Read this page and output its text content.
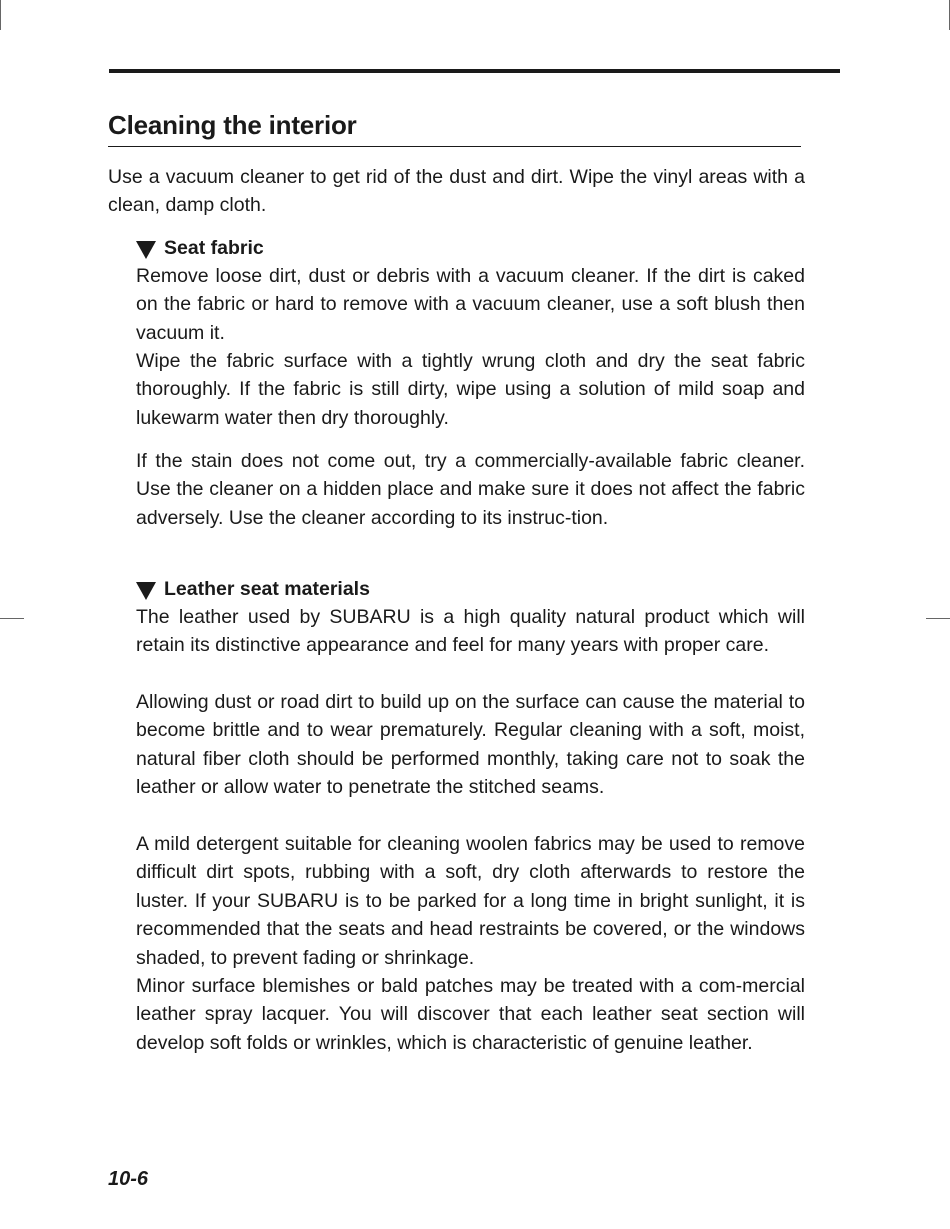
Cleaning the interior

Use a vacuum cleaner to get rid of the dust and dirt. Wipe the vinyl areas with a clean, damp cloth.

Seat fabric

Remove loose dirt, dust or debris with a vacuum cleaner. If the dirt is caked on the fabric or hard to remove with a vacuum cleaner, use a soft blush then vacuum it.

Wipe the fabric surface with a tightly wrung cloth and dry the seat fabric thoroughly. If the fabric is still dirty, wipe using a solution of mild soap and lukewarm water then dry thoroughly.

If the stain does not come out, try a commercially-available fabric cleaner. Use the cleaner on a hidden place and make sure it does not affect the fabric adversely. Use the cleaner according to its instruc-tion.

Leather seat materials

The leather used by SUBARU is a high quality natural product which will retain its distinctive appearance and feel for many years with proper care.

Allowing dust or road dirt to build up on the surface can cause the material to become brittle and to wear prematurely. Regular cleaning with a soft, moist, natural fiber cloth should be performed monthly, taking care not to soak the leather or allow water to penetrate the stitched seams.

A mild detergent suitable for cleaning woolen fabrics may be used to remove difficult dirt spots, rubbing with a soft, dry cloth afterwards to restore the luster. If your SUBARU is to be parked for a long time in bright sunlight, it is recommended that the seats and head restraints be covered, or the windows shaded, to prevent fading or shrinkage.

Minor surface blemishes or bald patches may be treated with a com-mercial leather spray lacquer. You will discover that each leather seat section will develop soft folds or wrinkles, which is characteristic of genuine leather.

10-6
